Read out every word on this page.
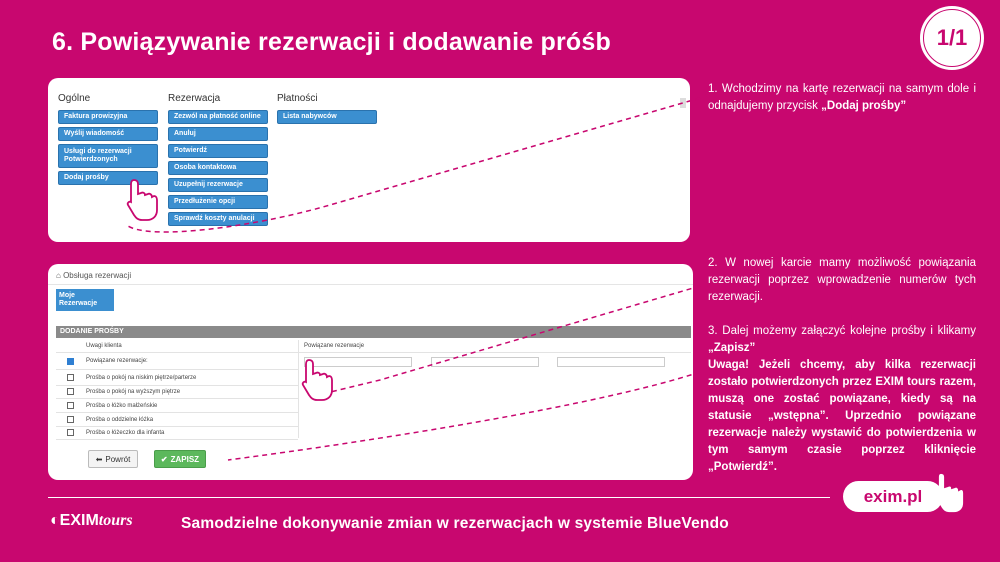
6. Powiązywanie rezerwacji i dodawanie próśb	1/1
Ogólne	Rezerwacja	Płatności
Faktura prowizyjna
Wyślij wiadomość
Usługi do rezerwacji Potwierdzonych
Dodaj prośby
Zezwól na płatność online
Anuluj
Potwierdź
Osoba kontaktowa
Uzupełnij rezerwacje
Przedłużenie opcji
Sprawdź koszty anulacji
Lista nabywców
⌂ Obsługa rezerwacji
Moje Rezerwacje
DODANIE PROŚBY
Uwagi klienta	Powiązane rezerwacje
Powiązane rezerwacje:
Prośba o pokój na niskim piętrze/parterze
Prośba o pokój na wyższym piętrze
Prośba o łóżko małżeńskie
Prośba o oddzielne łóżka
Prośba o łóżeczko dla infanta
⬅ Powrót	✔ ZAPISZ
1. Wchodzimy na kartę rezerwacji na samym dole i odnajdujemy przycisk „Dodaj prośby”
2. W nowej karcie mamy możliwość powiązania rezerwacji poprzez wprowadzenie numerów tych rezerwacji.
3. Dalej możemy załączyć kolejne prośby i klikamy „Zapisz”
Uwaga! Jeżeli chcemy, aby kilka rezerwacji zostało potwierdzonych przez EXIM tours razem, muszą one zostać powiązane, kiedy są na statusie „wstępna”. Uprzednio powiązane rezerwacje należy wystawić do potwierdzenia w tym samym czasie poprzez kliknięcie „Potwierdź”.
◐EXIMtours	Samodzielne dokonywanie zmian w rezerwacjach w systemie BlueVendo
exim.pl
